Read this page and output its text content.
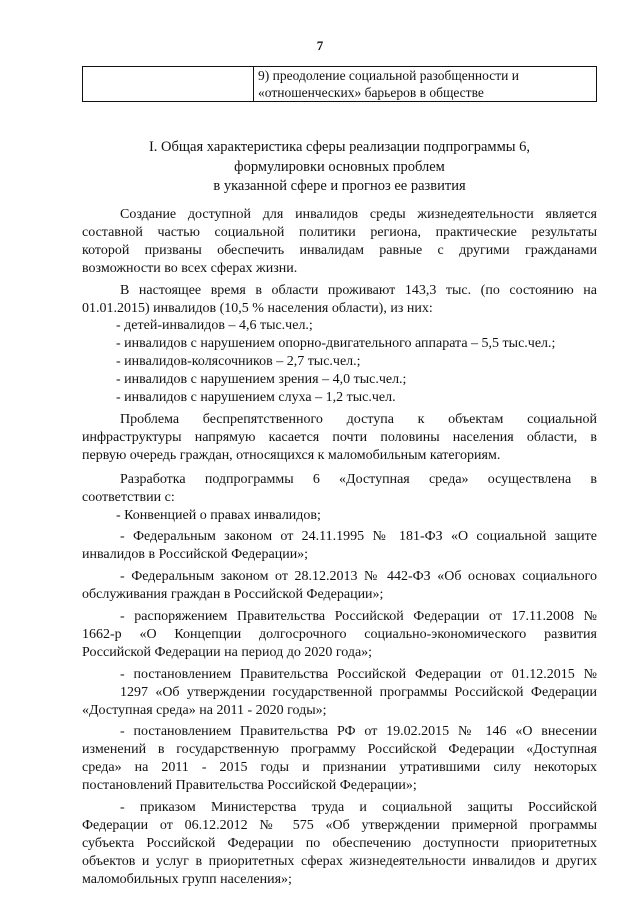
7

9) преодоление социальной разобщенности и
«отношенческих» барьеров в обществе
I. Общая характеристика сферы реализации подпрограммы 6,
формулировки основных проблем
в указанной сфере и прогноз ее развития

Создание доступной для инвалидов среды жизнедеятельности является

составной частью социальной политики региона, практические результаты

которой призваны обеспечить инвалидам равные с другими гражданами

возможности во всех сферах жизни.

В настоящее время в области проживают 143,3 тыс. (по состоянию на

01.01.2015) инвалидов (10,5 % населения области), из них:

- детей-инвалидов – 4,6 тыс.чел.;

- инвалидов с нарушением опорно-двигательного аппарата – 5,5 тыс.чел.;

- инвалидов-колясочников – 2,7 тыс.чел.;

- инвалидов с нарушением зрения – 4,0 тыс.чел.;

- инвалидов с нарушением слуха – 1,2 тыс.чел.

Проблема беспрепятственного доступа к объектам социальной

инфраструктуры напрямую касается почти половины населения области, в

первую очередь граждан, относящихся к маломобильным категориям.

Разработка подпрограммы 6 «Доступная среда» осуществлена в

соответствии с:

- Конвенцией о правах инвалидов;

- Федеральным законом от 24.11.1995 № 181-ФЗ «О социальной защите

инвалидов в Российской Федерации»;

- Федеральным законом от 28.12.2013 № 442-ФЗ «Об основах социального

обслуживания граждан в Российской Федерации»;

- распоряжением Правительства Российской Федерации от 17.11.2008 №

1662-р «О Концепции долгосрочного социально-экономического развития

Российской Федерации на период до 2020 года»;

- постановлением Правительства Российской Федерации от 01.12.2015 №

1297 «Об утверждении государственной программы Российской Федерации

«Доступная среда» на 2011 - 2020 годы»;

- постановлением Правительства РФ от 19.02.2015 № 146 «О внесении

изменений в государственную программу Российской Федерации «Доступная

среда» на 2011 - 2015 годы и признании утратившими силу некоторых

постановлений Правительства Российской Федерации»;

- приказом Министерства труда и социальной защиты Российской

Федерации от 06.12.2012 № 575 «Об утверждении примерной программы

субъекта Российской Федерации по обеспечению доступности приоритетных

объектов и услуг в приоритетных сферах жизнедеятельности инвалидов и других

маломобильных групп населения»;
